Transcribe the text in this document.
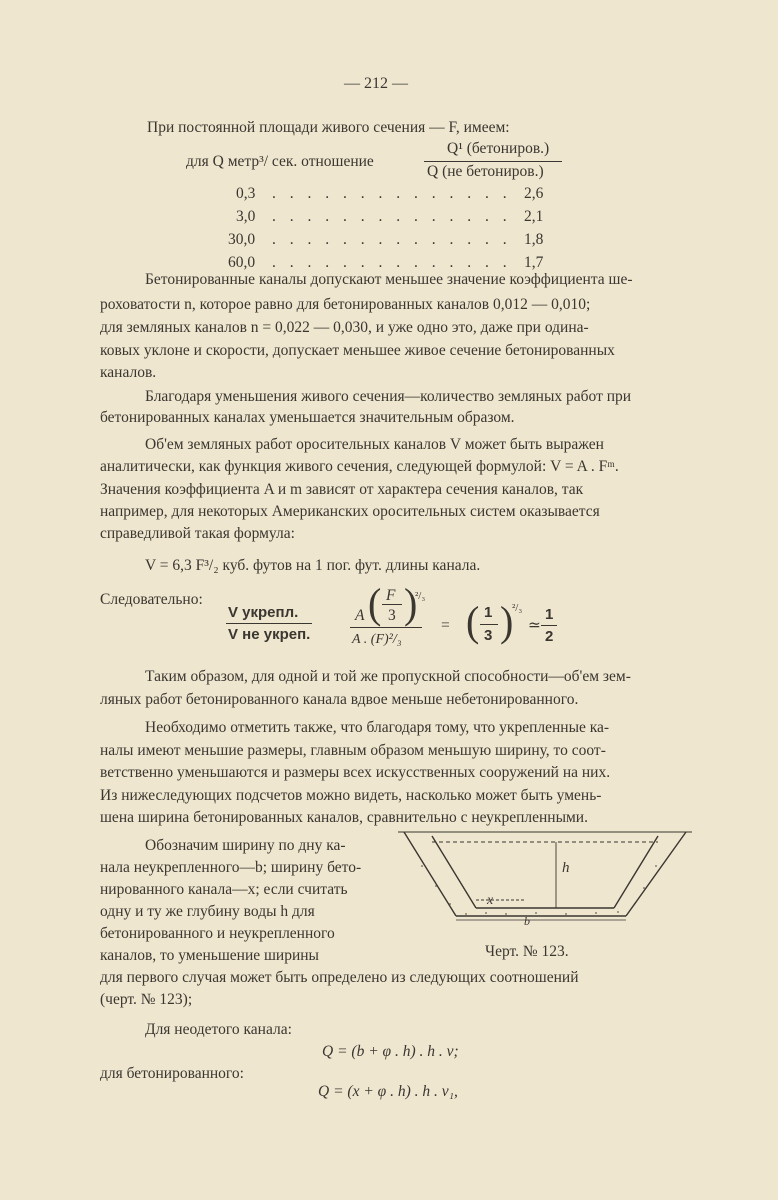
— 212 —
При постоянной площади живого сечения — F, имеем:
для Q метр³/ сек. отношение
Q¹ (бетониров.)
Q (не бетониров.)
0,3 . . . . . . . . . . . . . . 2,6
3,0 . . . . . . . . . . . . . . 2,1
30,0 . . . . . . . . . . . . . . 1,8
60,0 . . . . . . . . . . . . . . 1,7
Бетонированные каналы допускают меньшее значение коэффициента ше-
роховатости n, которое равно для бетонированных каналов 0,012 — 0,010;
для земляных каналов n = 0,022 — 0,030, и уже одно это, даже при одина-
ковых уклоне и скорости, допускает меньшее живое сечение бетонированных
каналов.
Благодаря уменьшения живого сечения—количество земляных работ при
бетонированных каналах уменьшается значительным образом.
Об'ем земляных работ оросительных каналов V может быть выражен
аналитически, как функция живого сечения, следующей формулой: V = A . Fᵐ.
Значения коэффициента A и m зависят от характера сечения каналов, так
например, для некоторых Американских оросительных систем оказывается
справедливой такая формула:
V = 6,3 F³/₂ куб. футов на 1 пог. фут. длины канала.
Следовательно:
V укрепл.
V не укреп.
A ( F
3 )
²/₃
A . (F)²/₃
= ( 1
3 )
²/₃
≃
1
2
Таким образом, для одной и той же пропускной способности—об'ем зем-
ляных работ бетонированного канала вдвое меньше небетонированного.
Необходимо отметить также, что благодаря тому, что укрепленные ка-
налы имеют меньшие размеры, главным образом меньшую ширину, то соот-
ветственно уменьшаются и размеры всех искусственных сооружений на них.
Из нижеследующих подсчетов можно видеть, насколько может быть умень-
шена ширина бетонированных каналов, сравнительно с неукрепленными.
Обозначим ширину по дну ка-
нала неукрепленного—b; ширину бето-
нированного канала—x; если считать
одну и ту же глубину воды h для
бетонированного и неукрепленного
каналов, то уменьшение ширины
для первого случая может быть определено из следующих соотношений
(черт. № 123);
h
x
b
Черт. № 123.
Для неодетого канала:
Q = (b + φ . h) . h . v;
для бетонированного:
Q = (x + φ . h) . h . v₁,
